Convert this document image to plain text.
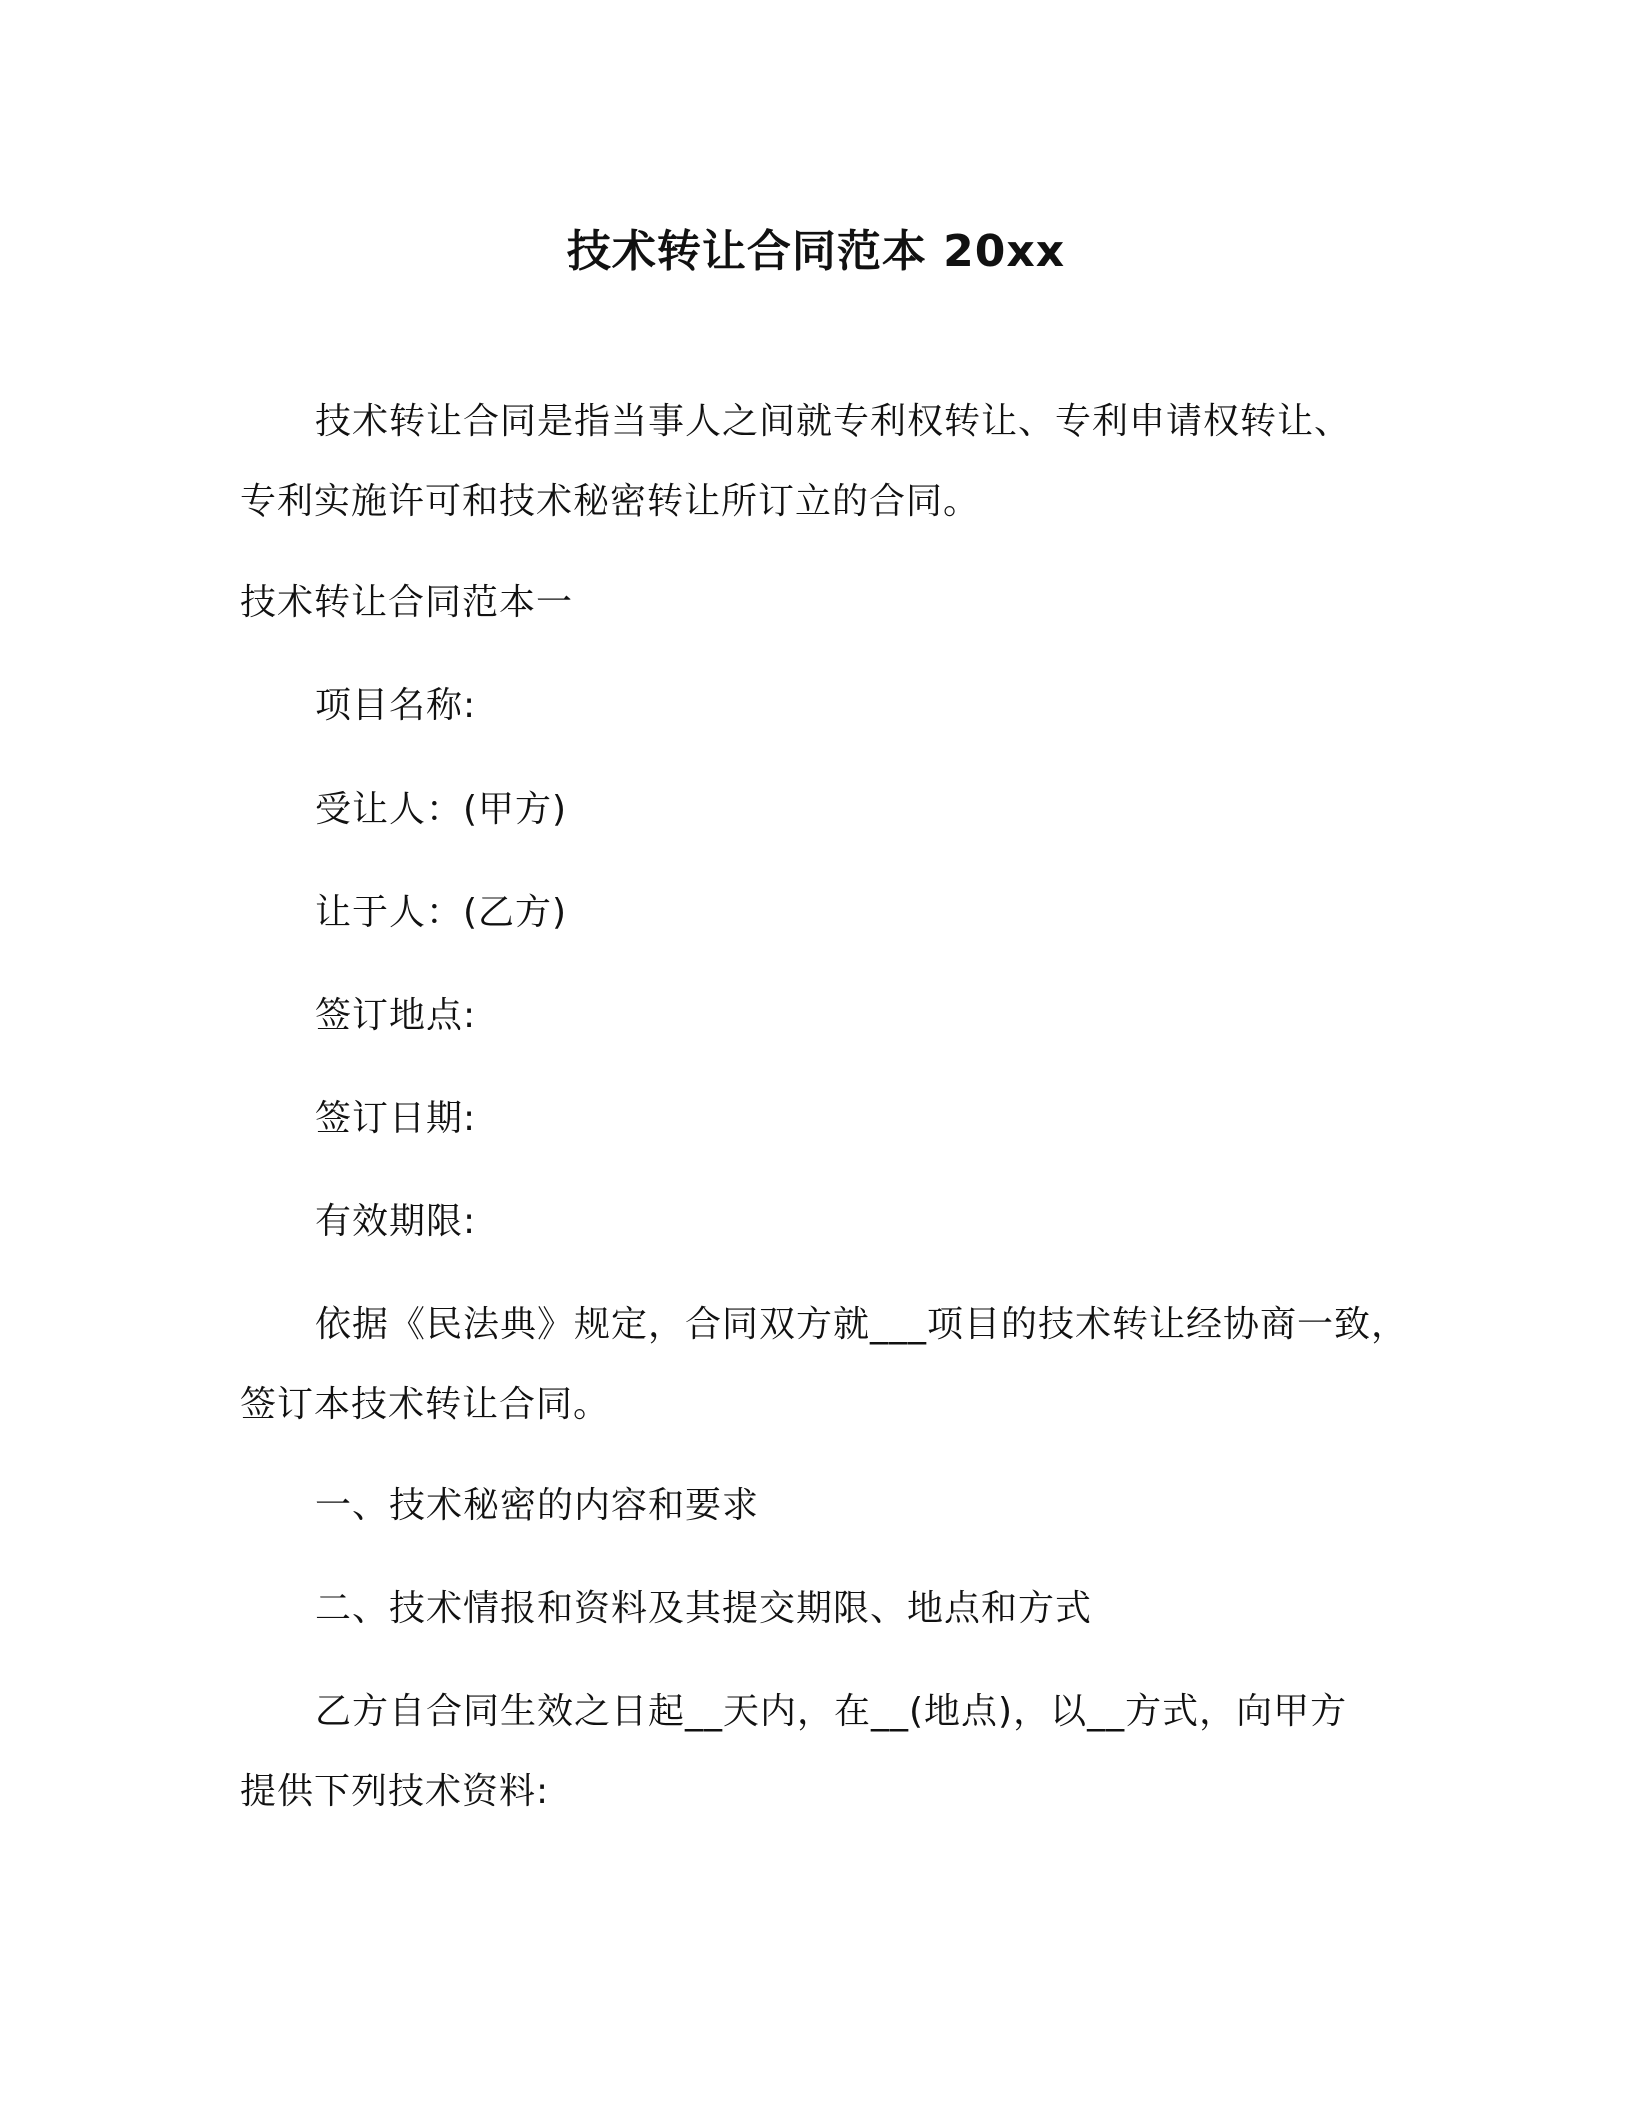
技术转让合同范本 20xx
技术转让合同是指当事人之间就专利权转让、专利申请权转让、
专利实施许可和技术秘密转让所订立的合同。
技术转让合同范本一
项目名称:
受让人：(甲方)
让于人：(乙方)
签订地点:
签订日期:
有效期限:
依据《民法典》规定，合同双方就___项目的技术转让经协商一致，
签订本技术转让合同。
一、技术秘密的内容和要求
二、技术情报和资料及其提交期限、地点和方式
乙方自合同生效之日起__天内，在__(地点)，以__方式，向甲方
提供下列技术资料:
